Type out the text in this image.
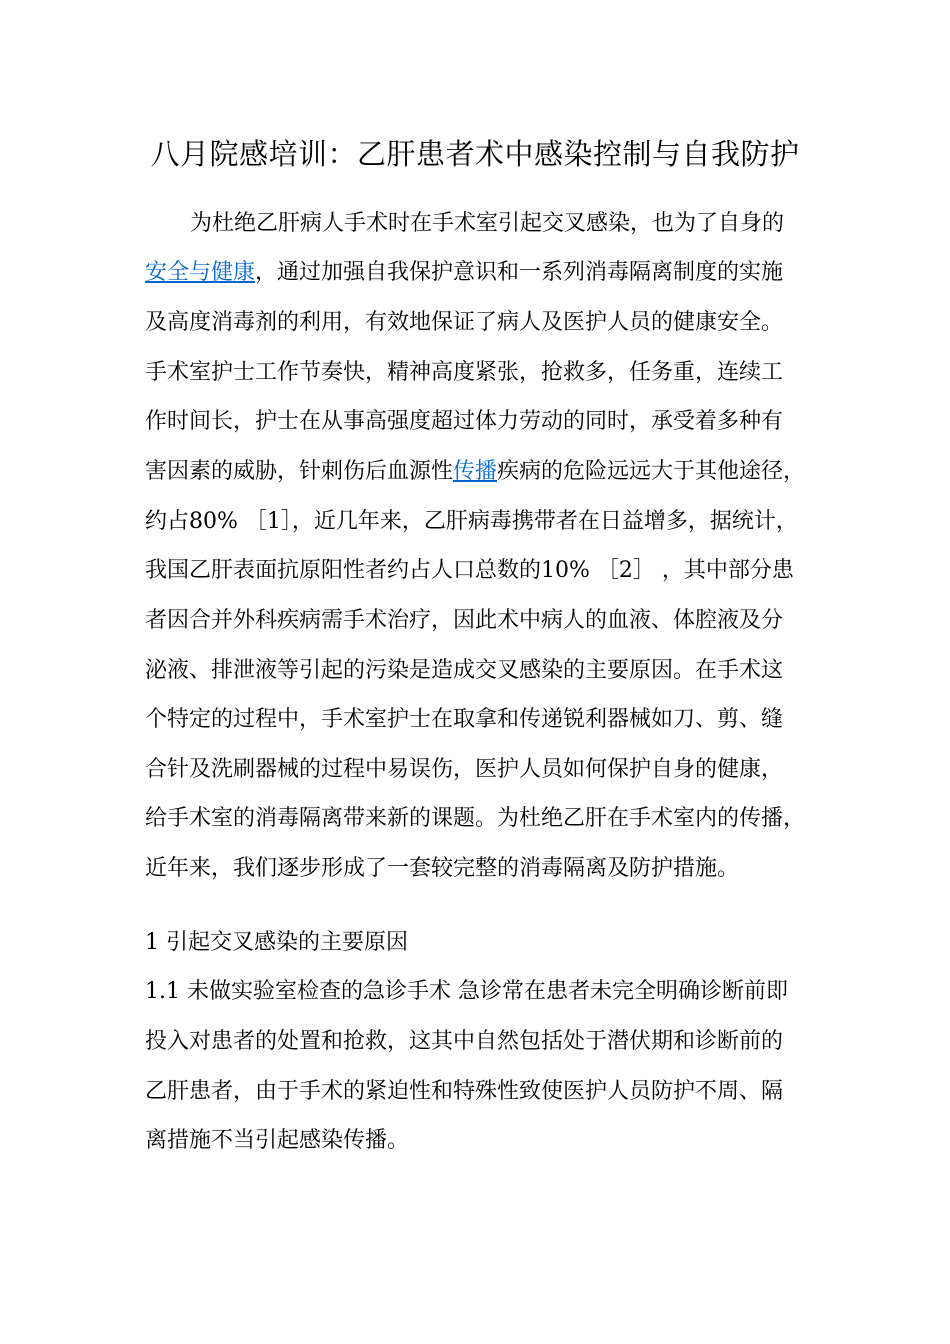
八月院感培训：乙肝患者术中感染控制与自我防护
为杜绝乙肝病人手术时在手术室引起交叉感染，也为了自身的
安全与健康，通过加强自我保护意识和一系列消毒隔离制度的实施
及高度消毒剂的利用，有效地保证了病人及医护人员的健康安全。
手术室护士工作节奏快，精神高度紧张，抢救多，任务重，连续工
作时间长，护士在从事高强度超过体力劳动的同时，承受着多种有
害因素的威胁，针刺伤后血源性传播疾病的危险远远大于其他途径，
约占80% ［1］，近几年来，乙肝病毒携带者在日益增多，据统计，
我国乙肝表面抗原阳性者约占人口总数的10% ［2］ ，其中部分患
者因合并外科疾病需手术治疗，因此术中病人的血液、体腔液及分
泌液、排泄液等引起的污染是造成交叉感染的主要原因。在手术这
个特定的过程中，手术室护士在取拿和传递锐利器械如刀、剪、缝
合针及洗刷器械的过程中易误伤，医护人员如何保护自身的健康，
给手术室的消毒隔离带来新的课题。为杜绝乙肝在手术室内的传播，
近年来，我们逐步形成了一套较完整的消毒隔离及防护措施。
1 引起交叉感染的主要原因
1.1 未做实验室检查的急诊手术 急诊常在患者未完全明确诊断前即
投入对患者的处置和抢救，这其中自然包括处于潜伏期和诊断前的
乙肝患者，由于手术的紧迫性和特殊性致使医护人员防护不周、隔
离措施不当引起感染传播。
